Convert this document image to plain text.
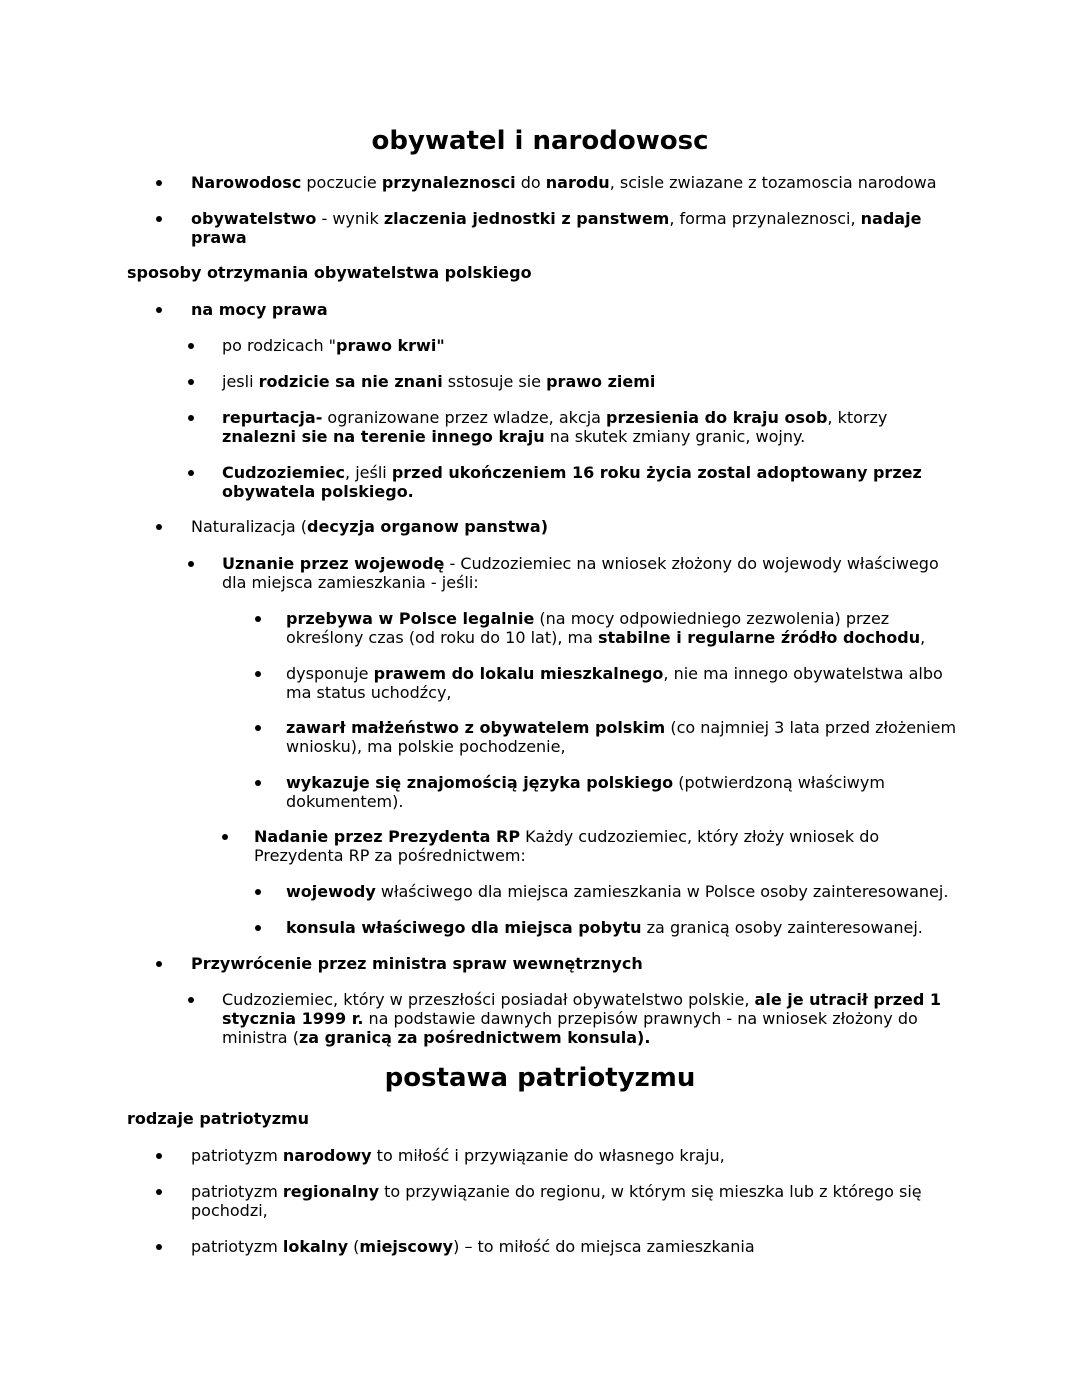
obywatel i narodowosc
Narowodosc poczucie przynaleznosci do narodu, scisle zwiazane z tozamoscia narodowa
obywatelstwo - wynik zlaczenia jednostki z panstwem, forma przynaleznosci, nadaje prawa
sposoby otrzymania obywatelstwa polskiego
na mocy prawa
po rodzicach "prawo krwi"
jesli rodzicie sa nie znani sstosuje sie prawo ziemi
repurtacja- ogranizowane przez wladze, akcja przesienia do kraju osob, ktorzy znalezni sie na terenie innego kraju na skutek zmiany granic, wojny.
Cudzoziemiec, jeśli przed ukończeniem 16 roku życia zostal adoptowany przez obywatela polskiego.
Naturalizacja (decyzja organow panstwa)
Uznanie przez wojewodę - Cudzoziemiec na wniosek złożony do wojewody właściwego dla miejsca zamieszkania - jeśli:
przebywa w Polsce legalnie (na mocy odpowiedniego zezwolenia) przez określony czas (od roku do 10 lat), ma stabilne i regularne źródło dochodu,
dysponuje prawem do lokalu mieszkalnego, nie ma innego obywatelstwa albo ma status uchodźcy,
zawarł małżeństwo z obywatelem polskim (co najmniej 3 lata przed złożeniem wniosku), ma polskie pochodzenie,
wykazuje się znajomością języka polskiego (potwierdzoną właściwym dokumentem).
Nadanie przez Prezydenta RP Każdy cudzoziemiec, który złoży wniosek do Prezydenta RP za pośrednictwem:
wojewody właściwego dla miejsca zamieszkania w Polsce osoby zainteresowanej.
konsula właściwego dla miejsca pobytu za granicą osoby zainteresowanej.
Przywrócenie przez ministra spraw wewnętrznych
Cudzoziemiec, który w przeszłości posiadał obywatelstwo polskie, ale je utracił przed 1 stycznia 1999 r. na podstawie dawnych przepisów prawnych - na wniosek złożony do ministra (za granicą za pośrednictwem konsula).
postawa patriotyzmu
rodzaje patriotyzmu
patriotyzm narodowy to miłość i przywiązanie do własnego kraju,
patriotyzm regionalny to przywiązanie do regionu, w którym się mieszka lub z którego się pochodzi,
patriotyzm lokalny (miejscowy) – to miłość do miejsca zamieszkania
